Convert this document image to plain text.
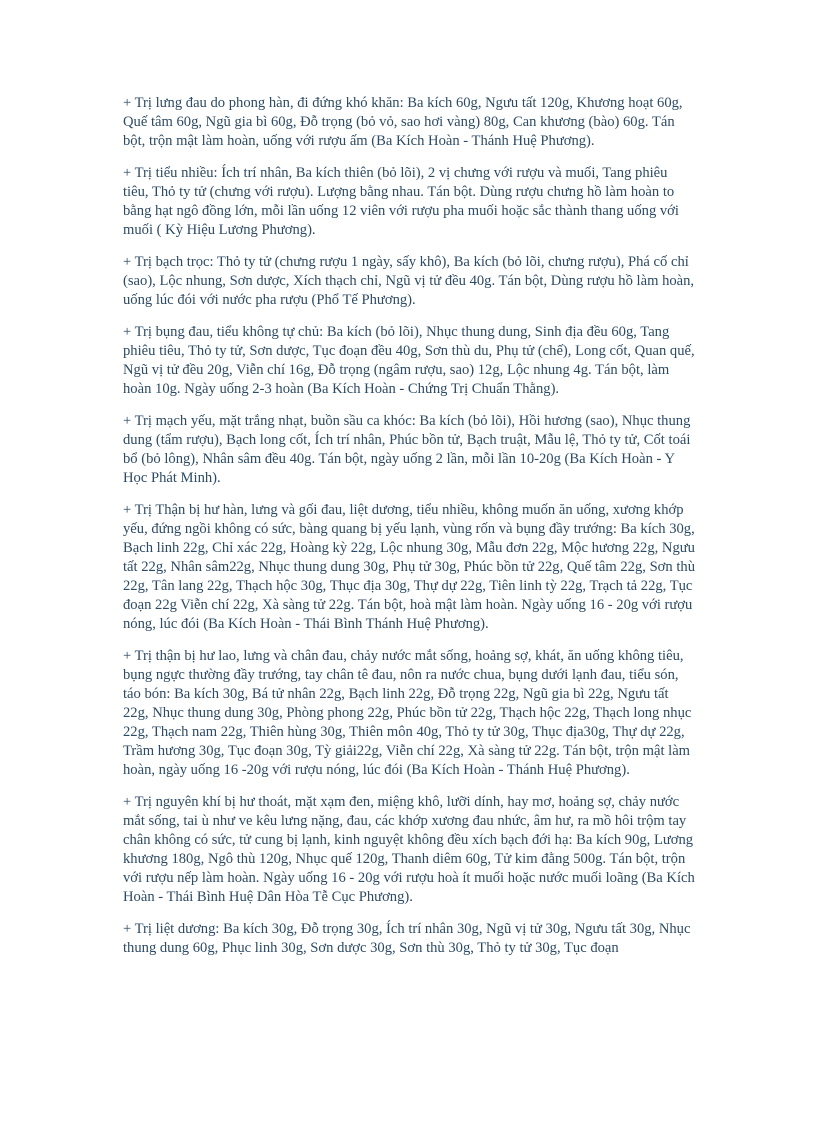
+ Trị lưng đau do phong hàn, đi đứng khó khăn: Ba kích 60g, Ngưu tất 120g, Khương hoạt 60g, Quế tâm 60g, Ngũ gia bì 60g, Đỗ trọng (bỏ vỏ, sao hơi vàng) 80g, Can khương (bào) 60g. Tán bột, trộn mật làm hoàn, uống với rượu ấm (Ba Kích Hoàn - Thánh Huệ Phương).

+ Trị tiểu nhiều: Ích trí nhân, Ba kích thiên (bỏ lõi), 2 vị chưng với rượu và muối, Tang phiêu tiêu, Thỏ ty tử (chưng với rượu). Lượng bằng nhau. Tán bột. Dùng rượu chưng hồ làm hoàn to bằng hạt ngô đồng lớn, mỗi lần uống 12 viên với rượu pha muối hoặc sắc thành thang uống với muối ( Kỳ Hiệu Lương Phương).

+ Trị bạch trọc: Thỏ ty tử (chưng rượu 1 ngày, sấy khô), Ba kích (bỏ lõi, chưng rượu), Phá cố chỉ (sao), Lộc nhung, Sơn dược, Xích thạch chỉ, Ngũ vị tử đều 40g. Tán bột, Dùng rượu hồ làm hoàn, uống lúc đói với nước pha rượu (Phổ Tế Phương).

+ Trị bụng đau, tiểu không tự chủ: Ba kích (bỏ lõi), Nhục thung dung, Sinh địa đều 60g, Tang phiêu tiêu, Thỏ ty tử, Sơn dược, Tục đoạn đều 40g, Sơn thù du, Phụ tử (chế), Long cốt, Quan quế, Ngũ vị tử đều 20g, Viễn chí 16g, Đỗ trọng (ngâm rượu, sao) 12g, Lộc nhung 4g. Tán bột, làm hoàn 10g. Ngày uống 2-3 hoàn (Ba Kích Hoàn - Chứng Trị Chuẩn Thằng).

+ Trị mạch yếu, mặt trắng nhạt, buồn sầu ca khóc: Ba kích (bỏ lõi), Hồi hương (sao), Nhục thung dung (tẩm rượu), Bạch long cốt, Ích trí nhân, Phúc bồn tử, Bạch truật, Mẫu lệ, Thỏ ty tử, Cốt toái bổ (bỏ lông), Nhân sâm đều 40g. Tán bột, ngày uống 2 lần, mỗi lần 10-20g (Ba Kích Hoàn - Y Học Phát Minh).

+ Trị Thận bị hư hàn, lưng và gối đau, liệt dương, tiểu nhiều, không muốn ăn uống, xương khớp yếu, đứng ngồi không có sức, bàng quang bị yếu lạnh, vùng rốn và bụng đầy trướng: Ba kích 30g, Bạch linh 22g, Chỉ xác 22g, Hoàng kỳ 22g, Lộc nhung 30g, Mẫu đơn 22g, Mộc hương 22g, Ngưu tất 22g, Nhân sâm22g, Nhục thung dung 30g, Phụ tử 30g, Phúc bồn tử 22g, Quế tâm 22g, Sơn thù 22g, Tân lang 22g, Thạch hộc 30g, Thục địa 30g, Thự dự 22g, Tiên linh tỳ 22g, Trạch tả 22g, Tục đoạn 22g Viễn chí 22g, Xà sàng tử 22g. Tán bột, hoà mật làm hoàn. Ngày uống 16 - 20g với rượu nóng, lúc đói (Ba Kích Hoàn - Thái Bình Thánh Huệ Phương).

+ Trị thận bị hư lao, lưng và chân đau, chảy nước mắt sống, hoảng sợ, khát, ăn uống không tiêu, bụng ngực thường đầy trướng, tay chân tê đau, nôn ra nước chua, bụng dưới lạnh đau, tiểu són, táo bón: Ba kích 30g, Bá tử nhân 22g, Bạch linh 22g, Đỗ trọng 22g, Ngũ gia bì 22g, Ngưu tất 22g, Nhục thung dung 30g, Phòng phong 22g, Phúc bồn tử 22g, Thạch hộc 22g, Thạch long nhục 22g, Thạch nam 22g, Thiên hùng 30g, Thiên môn 40g, Thỏ ty tử 30g, Thục địa30g, Thự dự 22g, Trầm hương 30g, Tục đoạn 30g, Tỳ giải22g, Viễn chí 22g, Xà sàng tử 22g. Tán bột, trộn mật làm hoàn, ngày uống 16 -20g với rượu nóng, lúc đói (Ba Kích Hoàn - Thánh Huệ Phương).

+ Trị nguyên khí bị hư thoát, mặt xạm đen, miệng khô, lưỡi dính, hay mơ, hoảng sợ, chảy nước mắt sống, tai ù như ve kêu lưng nặng, đau, các khớp xương đau nhức, âm hư, ra mồ hôi trộm tay chân không có sức, tử cung bị lạnh, kinh nguyệt không đều xích bạch đới hạ: Ba kích 90g, Lương khương 180g, Ngô thù 120g, Nhục quế 120g, Thanh diêm 60g, Tử kim đằng 500g. Tán bột, trộn với rượu nếp làm hoàn. Ngày uống 16 - 20g với rượu hoà ít muối hoặc nước muối loãng (Ba Kích Hoàn - Thái Bình Huệ Dân Hòa Tễ Cục Phương).

+ Trị liệt dương: Ba kích 30g, Đỗ trọng 30g, Ích trí nhân 30g, Ngũ vị tử 30g, Ngưu tất 30g, Nhục thung dung 60g, Phục linh 30g, Sơn dược 30g, Sơn thù 30g, Thỏ ty tử 30g, Tục đoạn
